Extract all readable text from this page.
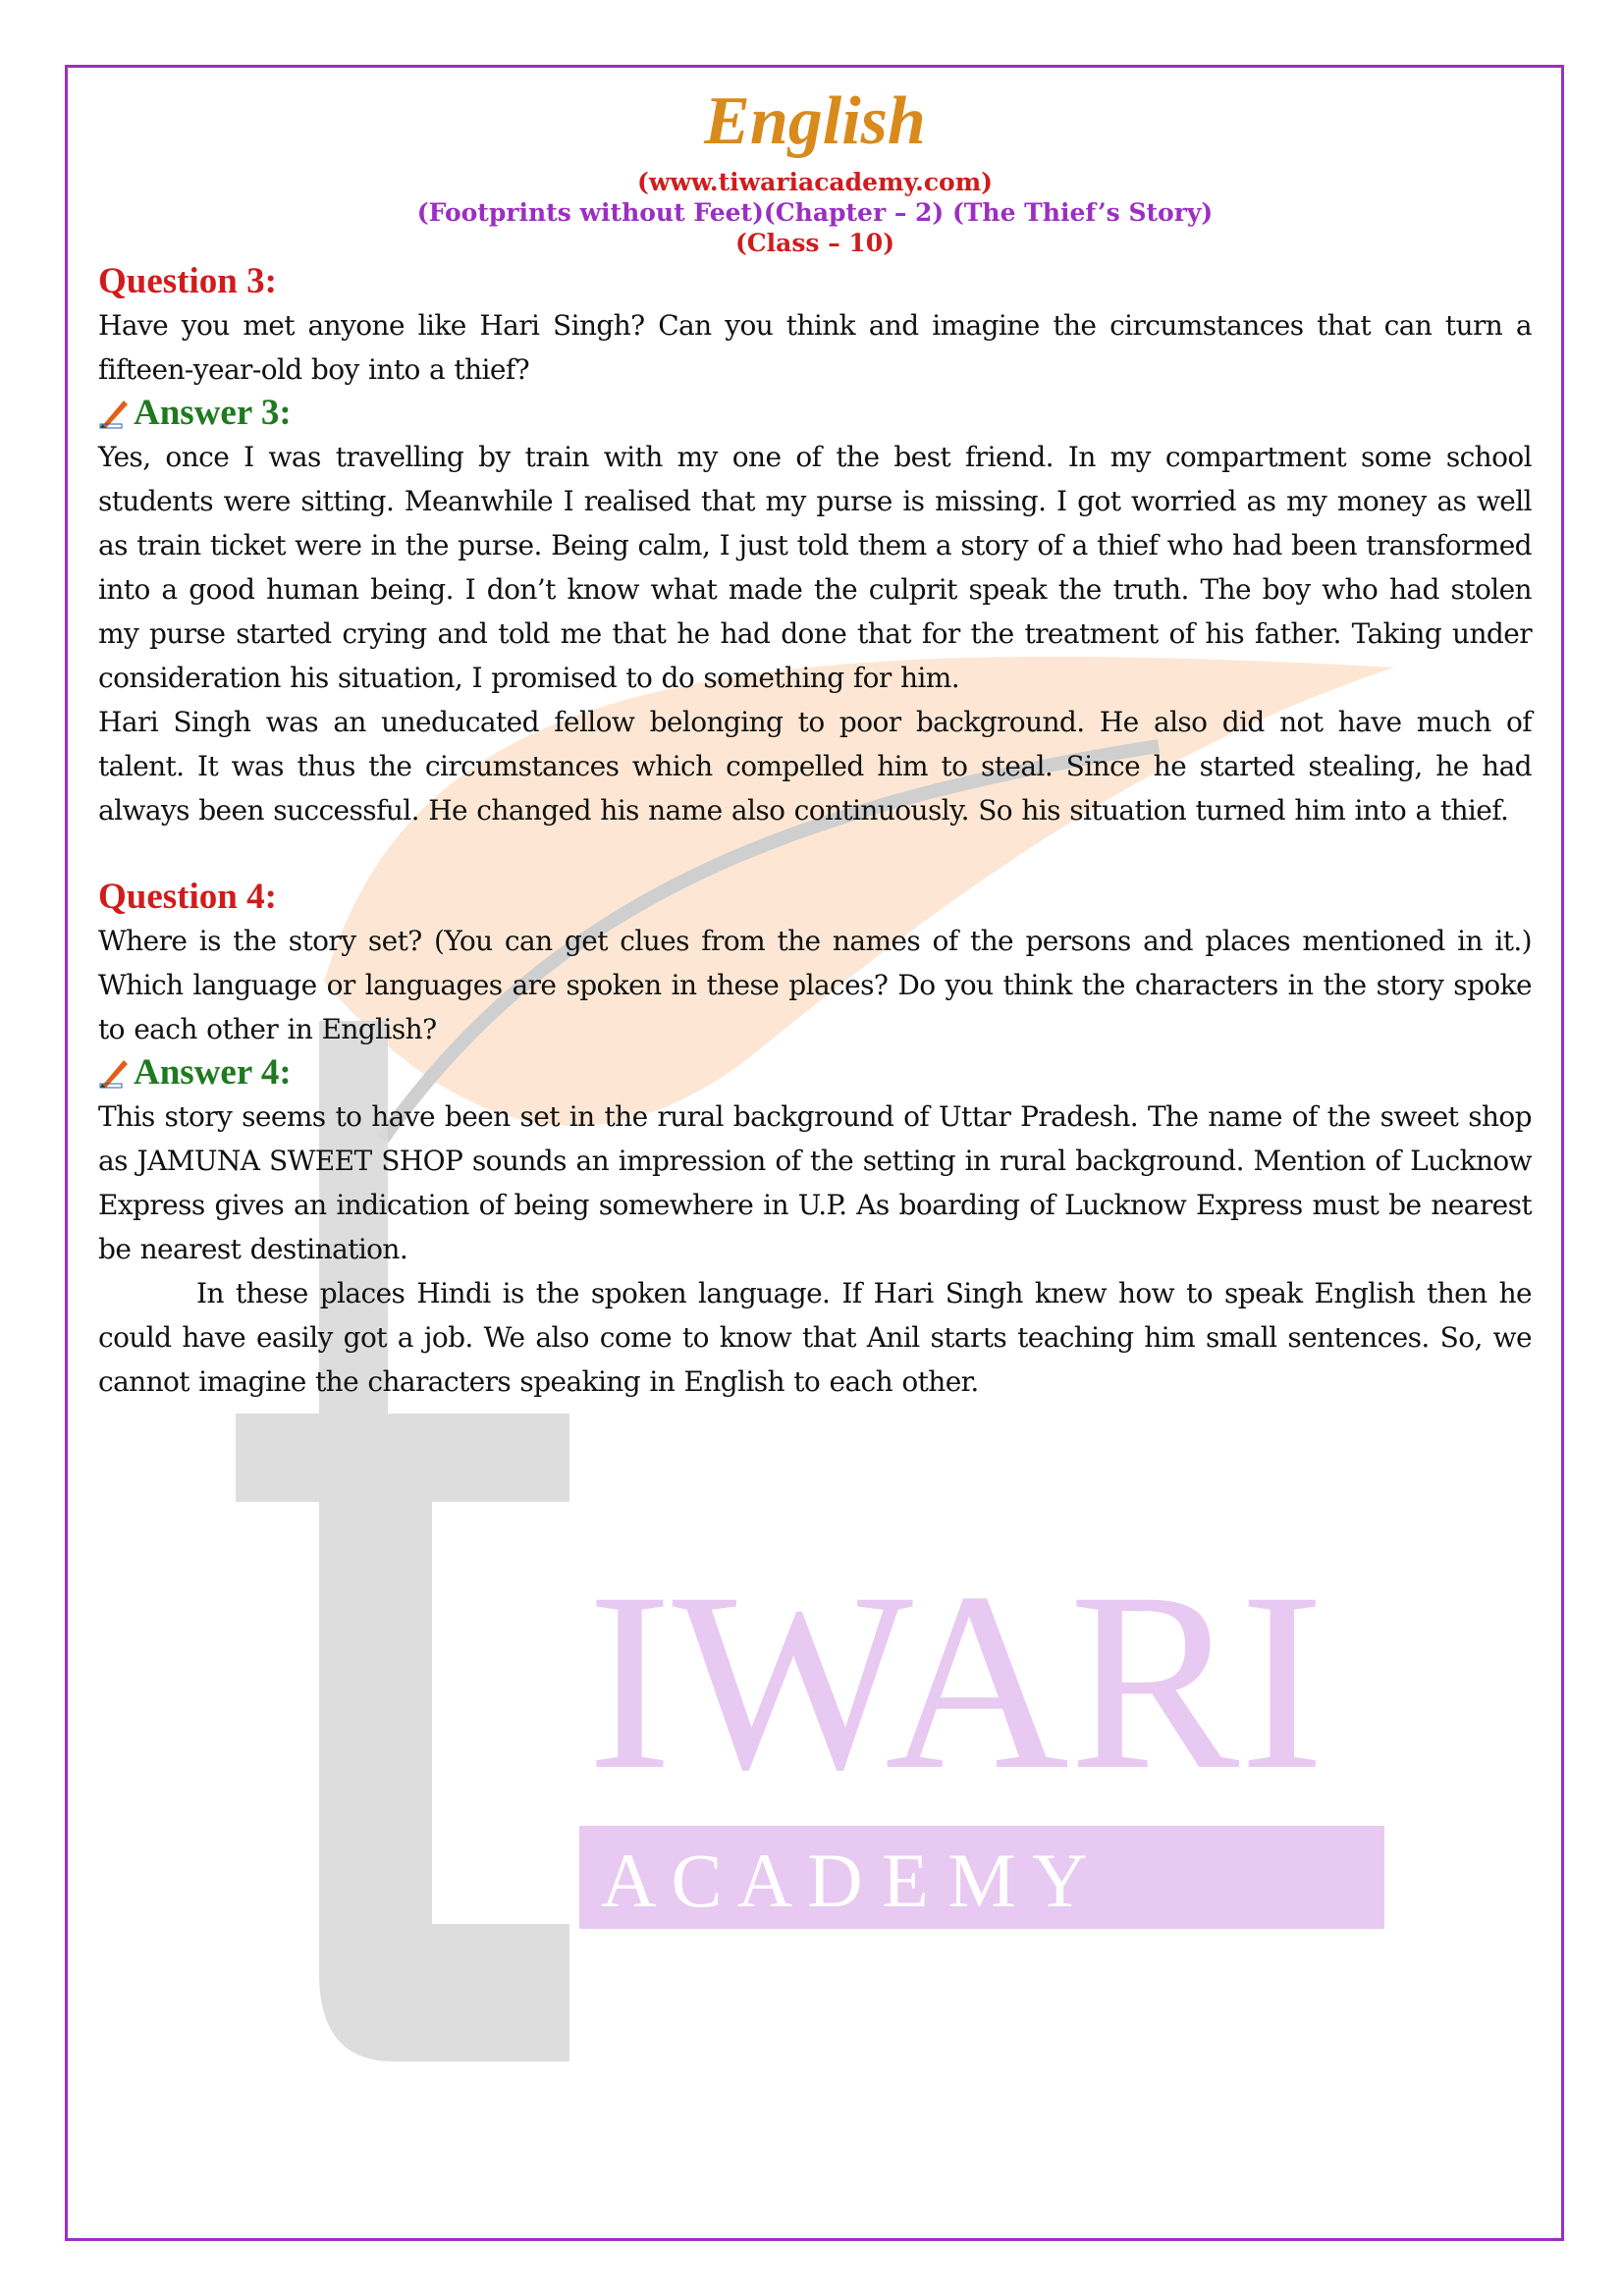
IWARI
A C A D E M Y
English
(www.tiwariacademy.com)
(Footprints without Feet)(Chapter – 2) (The Thief’s Story)
(Class – 10)
Question 3:

Have you met anyone like Hari Singh? Can you think and imagine the circumstances that can turn a fifteen-year-old boy into a thief?

Answer 3:

Yes, once I was travelling by train with my one of the best friend. In my compartment some school students were sitting. Meanwhile I realised that my purse is missing. I got worried as my money as well as train ticket were in the purse. Being calm, I just told them a story of a thief who had been transformed into a good human being. I don’t know what made the culprit speak the truth. The boy who had stolen my purse started crying and told me that he had done that for the treatment of his father. Taking under consideration his situation, I promised to do something for him.

Hari Singh was an uneducated fellow belonging to poor background. He also did not have much of talent. It was thus the circumstances which compelled him to steal. Since he started stealing, he had always been successful. He changed his name also continuously. So his situation turned him into a thief.

Question 4:

Where is the story set? (You can get clues from the names of the persons and places mentioned in it.) Which language or languages are spoken in these places? Do you think the characters in the story spoke to each other in English?

Answer 4:

This story seems to have been set in the rural background of Uttar Pradesh. The name of the sweet shop as JAMUNA SWEET SHOP sounds an impression of the setting in rural background. Mention of Lucknow Express gives an indication of being somewhere in U.P. As boarding of Lucknow Express must be nearest be nearest destination.

In these places Hindi is the spoken language. If Hari Singh knew how to speak English then he could have easily got a job. We also come to know that Anil starts teaching him small sentences. So, we cannot imagine the characters speaking in English to each other.
